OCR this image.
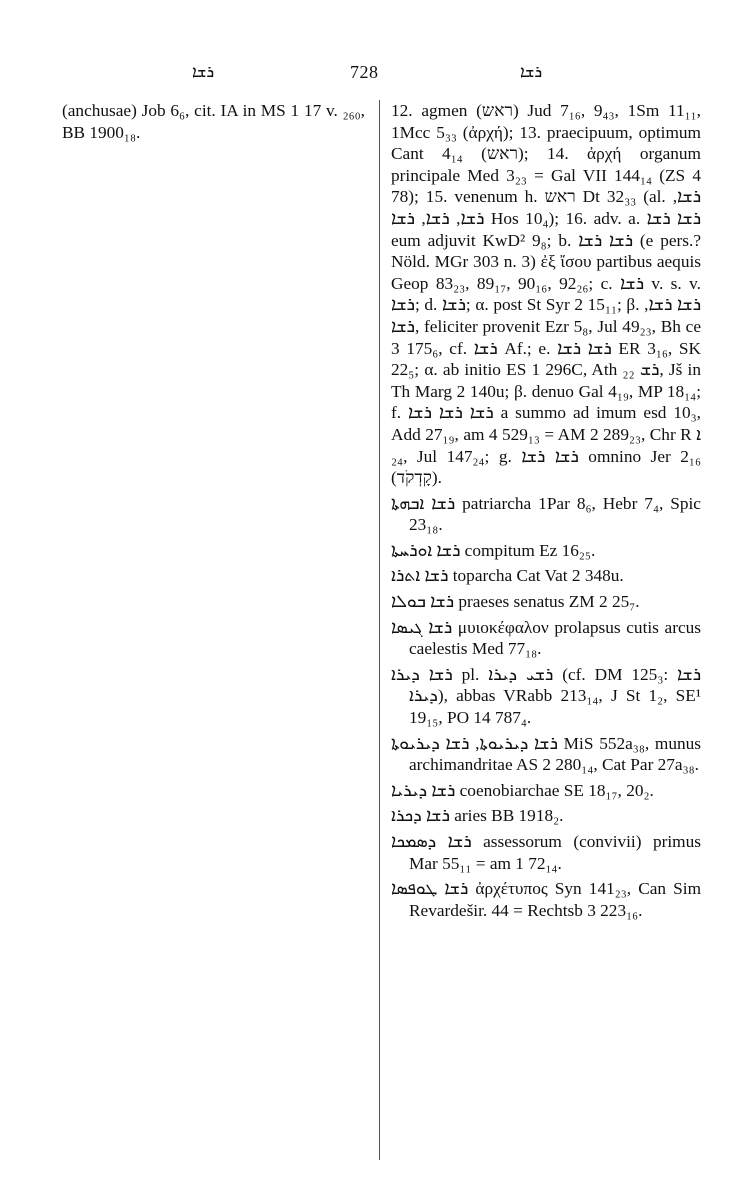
ܪܫܐ	728	ܪܫܐ

(anchusae) Job 6₆, cit. IA in MS 1 17 v. ₂₆₀, BB 1900₁₈.

12. agmen (ראש) Jud 7₁₆, 9₄₃, 1Sm 11₁₁, 1Mcc 5₃₃ (ἀρχή); 13. praecipuum, optimum Cant 4₁₄ (ראש); 14. ἀρχή organum principale Med 3₂₃ = Gal VII 144₁₄ (ZS 4 78); 15. venenum h. ראש Dt 32₃₃ (al. ܪܫܐ, ܪܫܐ, ܪܫܐ, ܪܫܐ Hos 10₄); 16. adv. a. ܪܫܐ ܪܫܐ eum adjuvit KwD² 9₈; b. ܪܫܐ ܪܫܐ (e pers.? Nöld. MGr 303 n. 3) ἐξ ἴσου partibus aequis Geop 83₂₃, 89₁₇, 90₁₆, 92₂₆; c. ܪܫܐ v. s. v. ܪܫܐ; d. ܪܫܐ; α. post St Syr 2 15₁₁; β. ܪܫܐ ܪܫܐ, ܪܫܐ, feliciter provenit Ezr 5₈, Jul 49₂₃, Bh ce 3 175₆, cf. ܪܫܐ Af.; e. ܪܫܐ ܪܫܐ ER 3₁₆, SK 22₅; α. ab initio ES 1 296C, Ath ܪܫ ₂₂, Jš in Th Marg 2 140u; β. denuo Gal 4₁₉, MP 18₁₄; f. ܪܫܐ ܪܫܐ ܪܫܐ a summo ad imum esd 10₃, Add 27₁₉, am 4 529₁₃ = AM 2 289₂₃, Chr R ܐ ₂₄, Jul 147₂₄; g. ܪܫܐ ܪܫܐ omnino Jer 2₁₆ (קָדְקֹד).

ܪܫܐ ܐܒܗܬܐ patriarcha 1Par 8₆, Hebr 7₄, Spic 23₁₈.

ܪܫܐ ܐܘܪܚܬܐ compitum Ez 16₂₅.

ܪܫܐ ܐܬܪܐ toparcha Cat Vat 2 348u.

ܪܫܐ ܒܘܠܐ praeses senatus ZM 2 25₇.

ܪܫܐ ܓܝܣܐ μυιοκέφαλον prolapsus cutis arcus caelestis Med 77₁₈.

ܪܫܐ ܕܝܪܐ pl. ܪܫܝ ܕܝܪܐ (cf. DM 125₃: ܪܫܐ ܕܝܪܐ), abbas VRabb 213₁₄, J St 1₂, SE¹ 19₁₅, PO 14 787₄.

ܪܫܐ ܕܝܪܝܘܬܐ, ܪܫܐ ܕܝܪܝܘܬܐ MiS 552a₃₈, munus archimandritae AS 2 280₁₄, Cat Par 27a₃₈.

ܪܫܐ ܕܝܪܝܐ coenobiarchae SE 18₁₇, 20₂.

ܪܫܐ ܕܟܪܐ aries BB 1918₂.

ܪܫܐ ܕܣܡܟܐ assessorum (convivii) primus Mar 55₁₁ = am 1 72₁₄.

ܪܫܐ ܛܘܦܣܐ ἀρχέτυπος Syn 141₂₃, Can Sim Revardešir. 44 = Rechtsb 3 223₁₆.
